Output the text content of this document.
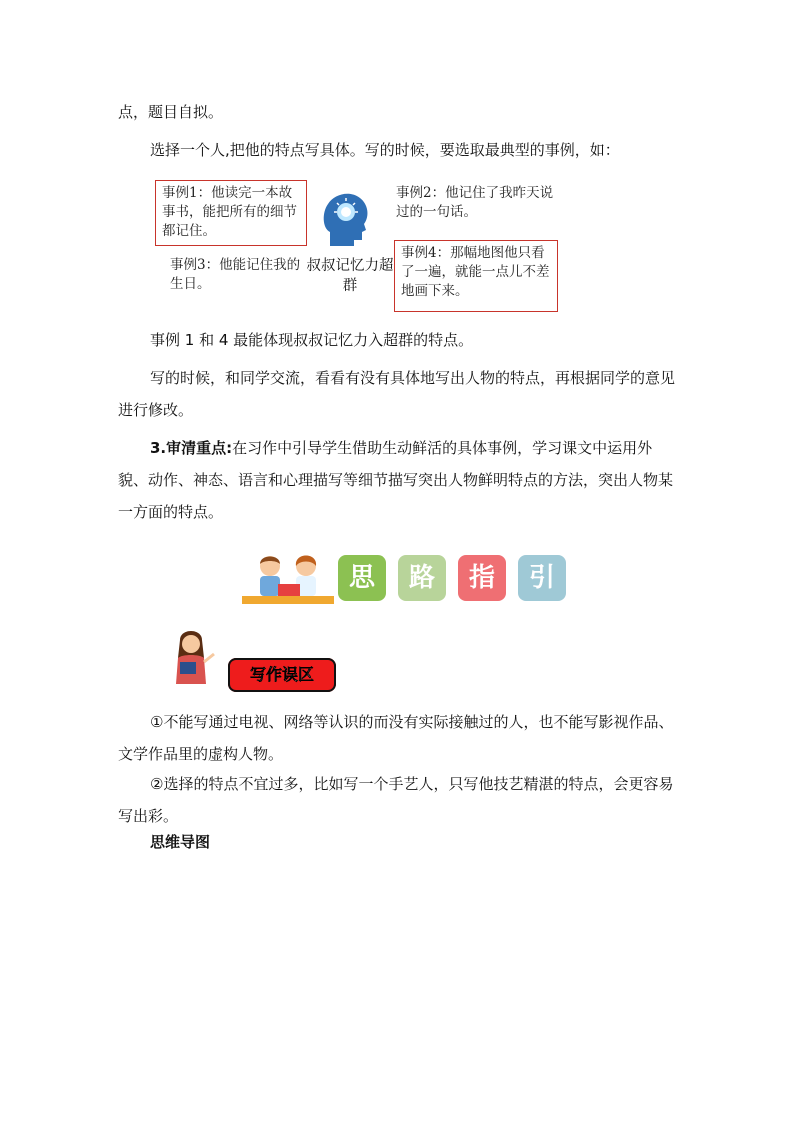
点，题目自拟。

选择一个人,把他的特点写具体。写的时候，要选取最典型的事例，如：

事例1：他读完一本故事书，能把所有的细节都记住。
事例2：他记住了我昨天说过的一句话。
叔叔记忆力超群
事例3：他能记住我的生日。
事例4：那幅地图他只看了一遍，就能一点儿不差地画下来。

事例 1 和 4 最能体现叔叔记忆力入超群的特点。

写的时候，和同学交流，看看有没有具体地写出人物的特点，再根据同学的意见进行修改。

3.审清重点:在习作中引导学生借助生动鲜活的具体事例，学习课文中运用外貌、动作、神态、语言和心理描写等细节描写突出人物鲜明特点的方法，突出人物某一方面的特点。

思	路	指	引
写作误区

①不能写通过电视、网络等认识的而没有实际接触过的人，也不能写影视作品、文学作品里的虚构人物。

②选择的特点不宜过多，比如写一个手艺人，只写他技艺精湛的特点，会更容易写出彩。

思维导图
